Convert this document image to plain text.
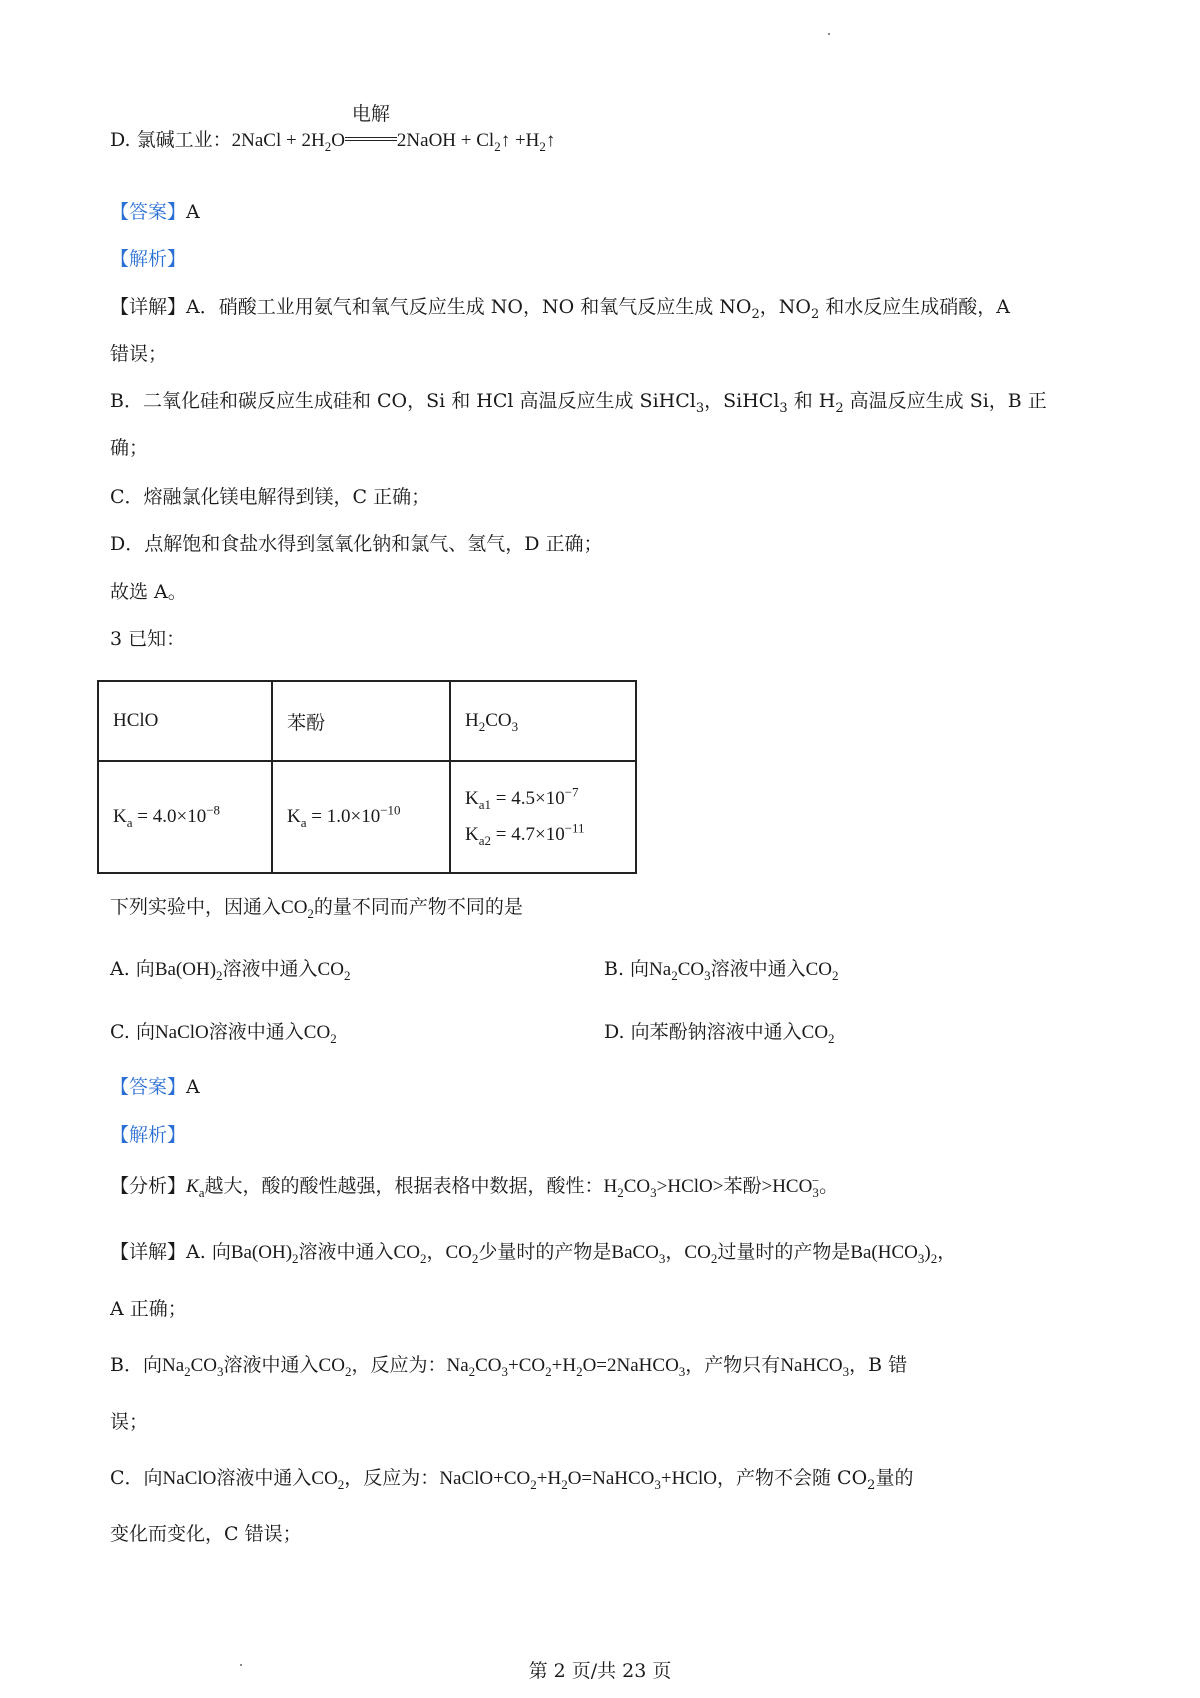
D. 氯碱工业：2NaCl + $2H_2O$
电解
2NaOH + $Cl_2↑$ $+H_2↑$
【答案】A
【解析】
【详解】A．硝酸工业用氨气和氧气反应生成 NO，NO 和氧气反应生成 $NO_2$，$NO_2$ 和水反应生成硝酸，A
错误；
B．二氧化硅和碳反应生成硅和 CO，Si 和 HCl 高温反应生成 SiHCl$_3$，SiHCl$_3$ 和 $H_2$ 高温反应生成 Si，B 正
确；
C．熔融氯化镁电解得到镁，C 正确；
D．点解饱和食盐水得到氢氧化钠和氯气、氢气，D 正确；
故选 A。
3 已知：
HClO	苯酚	$H_2CO_3$
$K_a = 4.0\times 10^{-8}$	$K_a = 1.0\times 10^{-10}$	$K_{a1} = 4.5\times 10^{-7}$
$K_{a2} = 4.7\times 10^{-11}$
下列实验中，因通入$CO_2$的量不同而产物不同的是
A. 向$Ba(OH)_2$溶液中通入$CO_2$	B. 向$Na_2CO_3$溶液中通入$CO_2$
C. 向NaClO溶液中通入$CO_2$	D. 向苯酚钠溶液中通入$CO_2$
【答案】A
【解析】
【分析】$K_a$越大，酸的酸性越强，根据表格中数据，酸性：$H_2CO_3>HClO>$苯酚$>HCO_3^-$。
【详解】A. 向$Ba(OH)_2$溶液中通入$CO_2$，$CO_2$少量时的产物是BaCO$_3$，$CO_2$过量时的产物是$Ba(HCO_3)_2$，
A 正确；
B．向$Na_2CO_3$溶液中通入$CO_2$，反应为：$Na_2CO_3+CO_2+H_2O=2NaHCO_3$，产物只有NaHCO$_3$，B 错
误；
C．向NaClO溶液中通入$CO_2$，反应为：$NaClO+CO_2+H_2O=NaHCO_3+HClO$，产物不会随 $CO_2$量的
变化而变化，C 错误；
第 2 页/共 23 页
